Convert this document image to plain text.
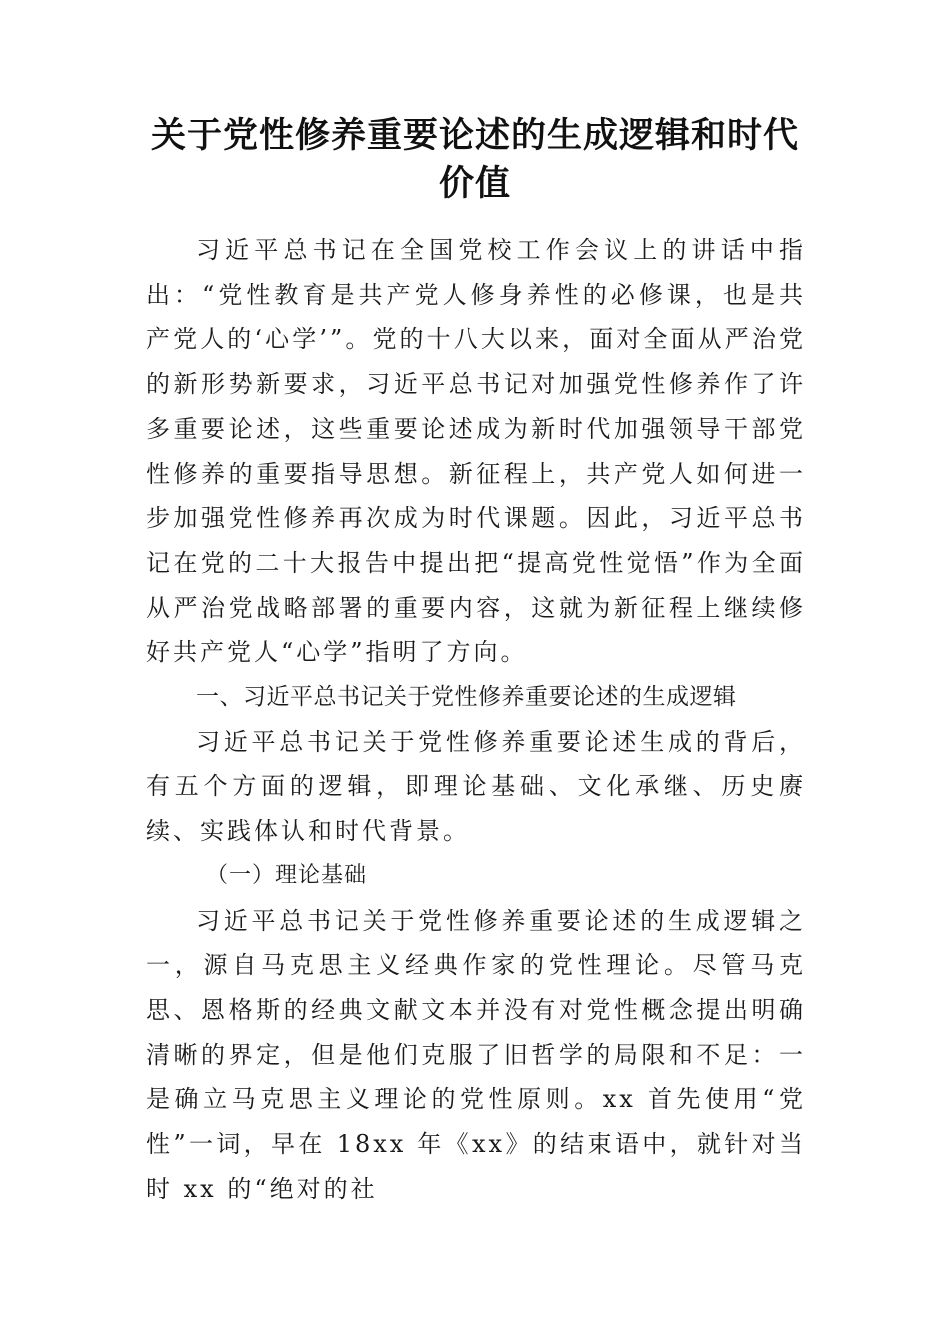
关于党性修养重要论述的生成逻辑和时代
价值

习近平总书记在全国党校工作会议上的讲话中指出：“党性教育是共产党人修身养性的必修课，也是共产党人的‘心学’”。党的十八大以来，面对全面从严治党的新形势新要求，习近平总书记对加强党性修养作了许多重要论述，这些重要论述成为新时代加强领导干部党性修养的重要指导思想。新征程上，共产党人如何进一步加强党性修养再次成为时代课题。因此，习近平总书记在党的二十大报告中提出把“提高党性觉悟”作为全面从严治党战略部署的重要内容，这就为新征程上继续修好共产党人“心学”指明了方向。

一、习近平总书记关于党性修养重要论述的生成逻辑

习近平总书记关于党性修养重要论述生成的背后，有五个方面的逻辑，即理论基础、文化承继、历史赓续、实践体认和时代背景。

（一）理论基础

习近平总书记关于党性修养重要论述的生成逻辑之一，源自马克思主义经典作家的党性理论。尽管马克思、恩格斯的经典文献文本并没有对党性概念提出明确清晰的界定，但是他们克服了旧哲学的局限和不足：一是确立马克思主义理论的党性原则。xx 首先使用“党性”一词，早在 18xx 年《xx》的结束语中，就针对当时 xx 的“绝对的社
